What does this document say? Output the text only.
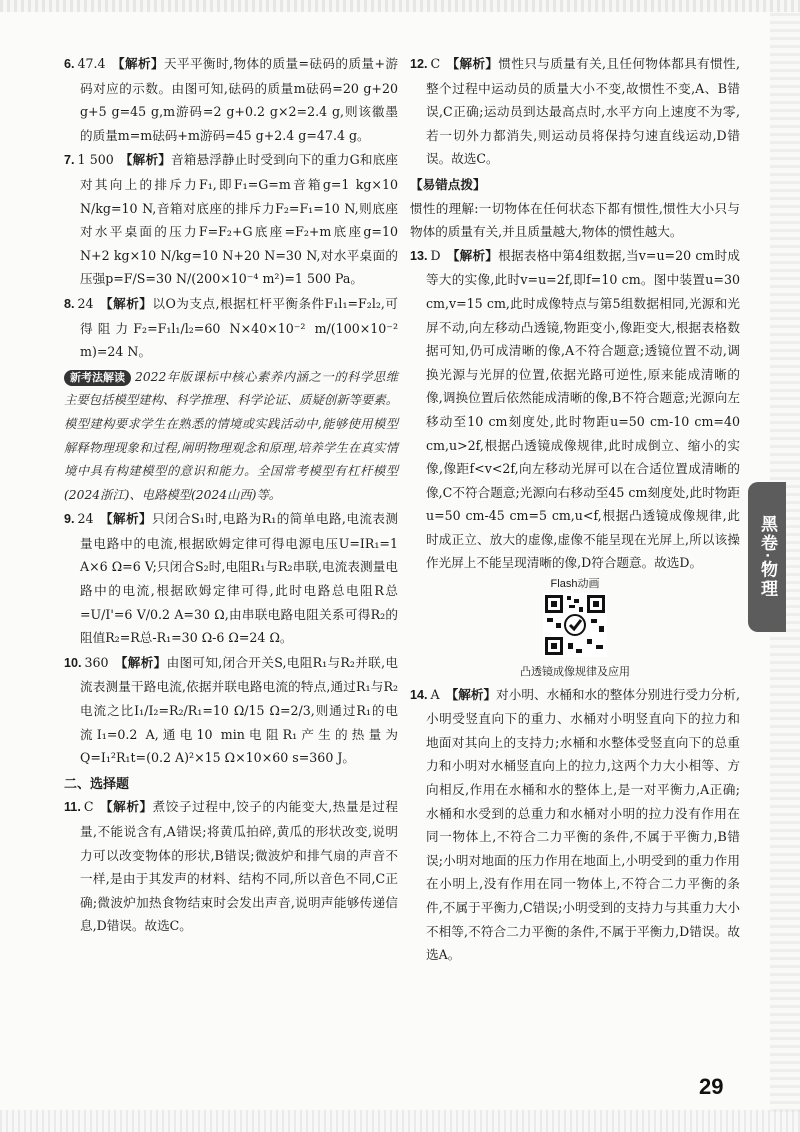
6. 47.4 【解析】天平平衡时,物体的质量=砝码的质量+游码对应的示数。由图可知,砝码的质量m砝码=20 g+20 g+5 g=45 g,m游码=2 g+0.2 g×2=2.4 g,则该徽墨的质量m=m砝码+m游码=45 g+2.4 g=47.4 g。
7. 1 500 【解析】音箱悬浮静止时受到向下的重力G和底座对其向上的排斥力F₁,即F₁=G=m音箱g=1 kg×10 N/kg=10 N,音箱对底座的排斥力F₂=F₁=10 N,则底座对水平桌面的压力F=F₂+G底座=F₂+m底座g=10 N+2 kg×10 N/kg=10 N+20 N=30 N,对水平桌面的压强p=F/S=30 N/(200×10⁻⁴ m²)=1 500 Pa。
8. 24 【解析】以O为支点,根据杠杆平衡条件F₁l₁=F₂l₂,可得阻力F₂=F₁l₁/l₂=60 N×40×10⁻² m/(100×10⁻² m)=24 N。
新考法解读 2022年版课标中核心素养内涵之一的科学思维主要包括模型建构、科学推理、科学论证、质疑创新等要素。模型建构要求学生在熟悉的情境或实践活动中,能够使用模型解释物理现象和过程,阐明物理观念和原理,培养学生在真实情境中具有构建模型的意识和能力。全国常考模型有杠杆模型(2024浙江)、电路模型(2024山西)等。
9. 24 【解析】只闭合S₁时,电路为R₁的简单电路,电流表测量电路中的电流,根据欧姆定律可得电源电压U=IR₁=1 A×6 Ω=6 V;只闭合S₂时,电阻R₁与R₂串联,电流表测量电路中的电流,根据欧姆定律可得,此时电路总电阻R总=U/I'=6 V/0.2 A=30 Ω,由串联电路电阻关系可得R₂的阻值R₂=R总-R₁=30 Ω-6 Ω=24 Ω。
10. 360 【解析】由图可知,闭合开关S,电阻R₁与R₂并联,电流表测量干路电流,依据并联电路电流的特点,通过R₁与R₂电流之比I₁/I₂=R₂/R₁=10 Ω/15 Ω=2/3,则通过R₁的电流I₁=0.2 A,通电10 min电阻R₁产生的热量为Q=I₁²R₁t=(0.2 A)²×15 Ω×10×60 s=360 J。
二、选择题
11. C 【解析】煮饺子过程中,饺子的内能变大,热量是过程量,不能说含有,A错误;将黄瓜拍碎,黄瓜的形状改变,说明力可以改变物体的形状,B错误;微波炉和排气扇的声音不一样,是由于其发声的材料、结构不同,所以音色不同,C正确;微波炉加热食物结束时会发出声音,说明声能够传递信息,D错误。故选C。
12. C 【解析】惯性只与质量有关,且任何物体都具有惯性,整个过程中运动员的质量大小不变,故惯性不变,A、B错误,C正确;运动员到达最高点时,水平方向上速度不为零,若一切外力都消失,则运动员将保持匀速直线运动,D错误。故选C。
【易错点拨】
惯性的理解:一切物体在任何状态下都有惯性,惯性大小只与物体的质量有关,并且质量越大,物体的惯性越大。
13. D 【解析】根据表格中第4组数据,当v=u=20 cm时成等大的实像,此时v=u=2f,即f=10 cm。图中装置u=30 cm,v=15 cm,此时成像特点与第5组数据相同,光源和光屏不动,向左移动凸透镜,物距变小,像距变大,根据表格数据可知,仍可成清晰的像,A不符合题意;透镜位置不动,调换光源与光屏的位置,依据光路可逆性,原来能成清晰的像,调换位置后依然能成清晰的像,B不符合题意;光源向左移动至10 cm刻度处,此时物距u=50 cm-10 cm=40 cm,u>2f,根据凸透镜成像规律,此时成倒立、缩小的实像,像距f<v<2f,向左移动光屏可以在合适位置成清晰的像,C不符合题意;光源向右移动至45 cm刻度处,此时物距u=50 cm-45 cm=5 cm,u<f,根据凸透镜成像规律,此时成正立、放大的虚像,虚像不能呈现在光屏上,所以该操作光屏上不能呈现清晰的像,D符合题意。故选D。
Flash动画
凸透镜成像规律及应用
14. A 【解析】对小明、水桶和水的整体分别进行受力分析,小明受竖直向下的重力、水桶对小明竖直向下的拉力和地面对其向上的支持力;水桶和水整体受竖直向下的总重力和小明对水桶竖直向上的拉力,这两个力大小相等、方向相反,作用在水桶和水的整体上,是一对平衡力,A正确;水桶和水受到的总重力和水桶对小明的拉力没有作用在同一物体上,不符合二力平衡的条件,不属于平衡力,B错误;小明对地面的压力作用在地面上,小明受到的重力作用在小明上,没有作用在同一物体上,不符合二力平衡的条件,不属于平衡力,C错误;小明受到的支持力与其重力大小不相等,不符合二力平衡的条件,不属于平衡力,D错误。故选A。
黑卷·物理
29
